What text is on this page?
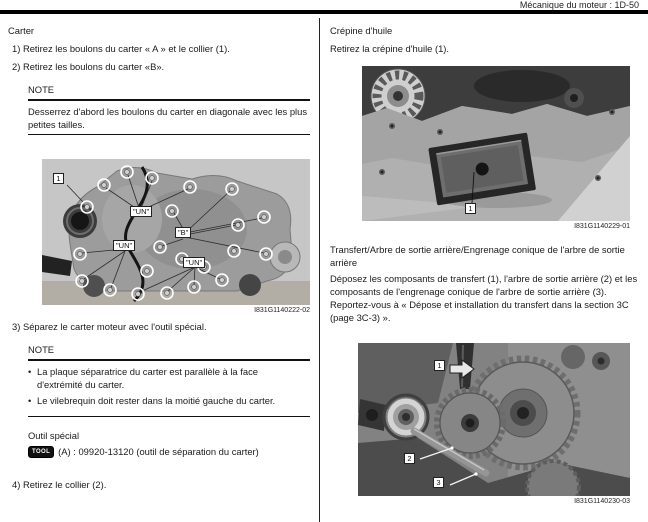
Mécanique du moteur : 1D-50
Carter
1) Retirez les boulons du carter « A » et le collier (1).
2) Retirez les boulons du carter «B».
NOTE
Desserrez d'abord les boulons du carter en diagonale avec les plus petites tailles.
1
"UN"
"B"
"UN"
"UN"
I831G1140222-02
3) Séparez le carter moteur avec l'outil spécial.
NOTE
• La plaque séparatrice du carter est parallèle à la face d'extrémité du carter.
• Le vilebrequin doit rester dans la moitié gauche du carter.
Outil spécial
TOOL (A) : 09920-13120 (outil de séparation du carter)
4) Retirez le collier (2).
Crépine d'huile
Retirez la crépine d'huile (1).
1
I831G1140229-01
Transfert/Arbre de sortie arrière/Engrenage conique de l'arbre de sortie arrière
Déposez les composants de transfert (1), l'arbre de sortie arrière (2) et les composants de l'engrenage conique de l'arbre de sortie arrière (3). Reportez-vous à « Dépose et installation du transfert dans la section 3C (page 3C-3) ».
1
2
3
I831G1140230-03
